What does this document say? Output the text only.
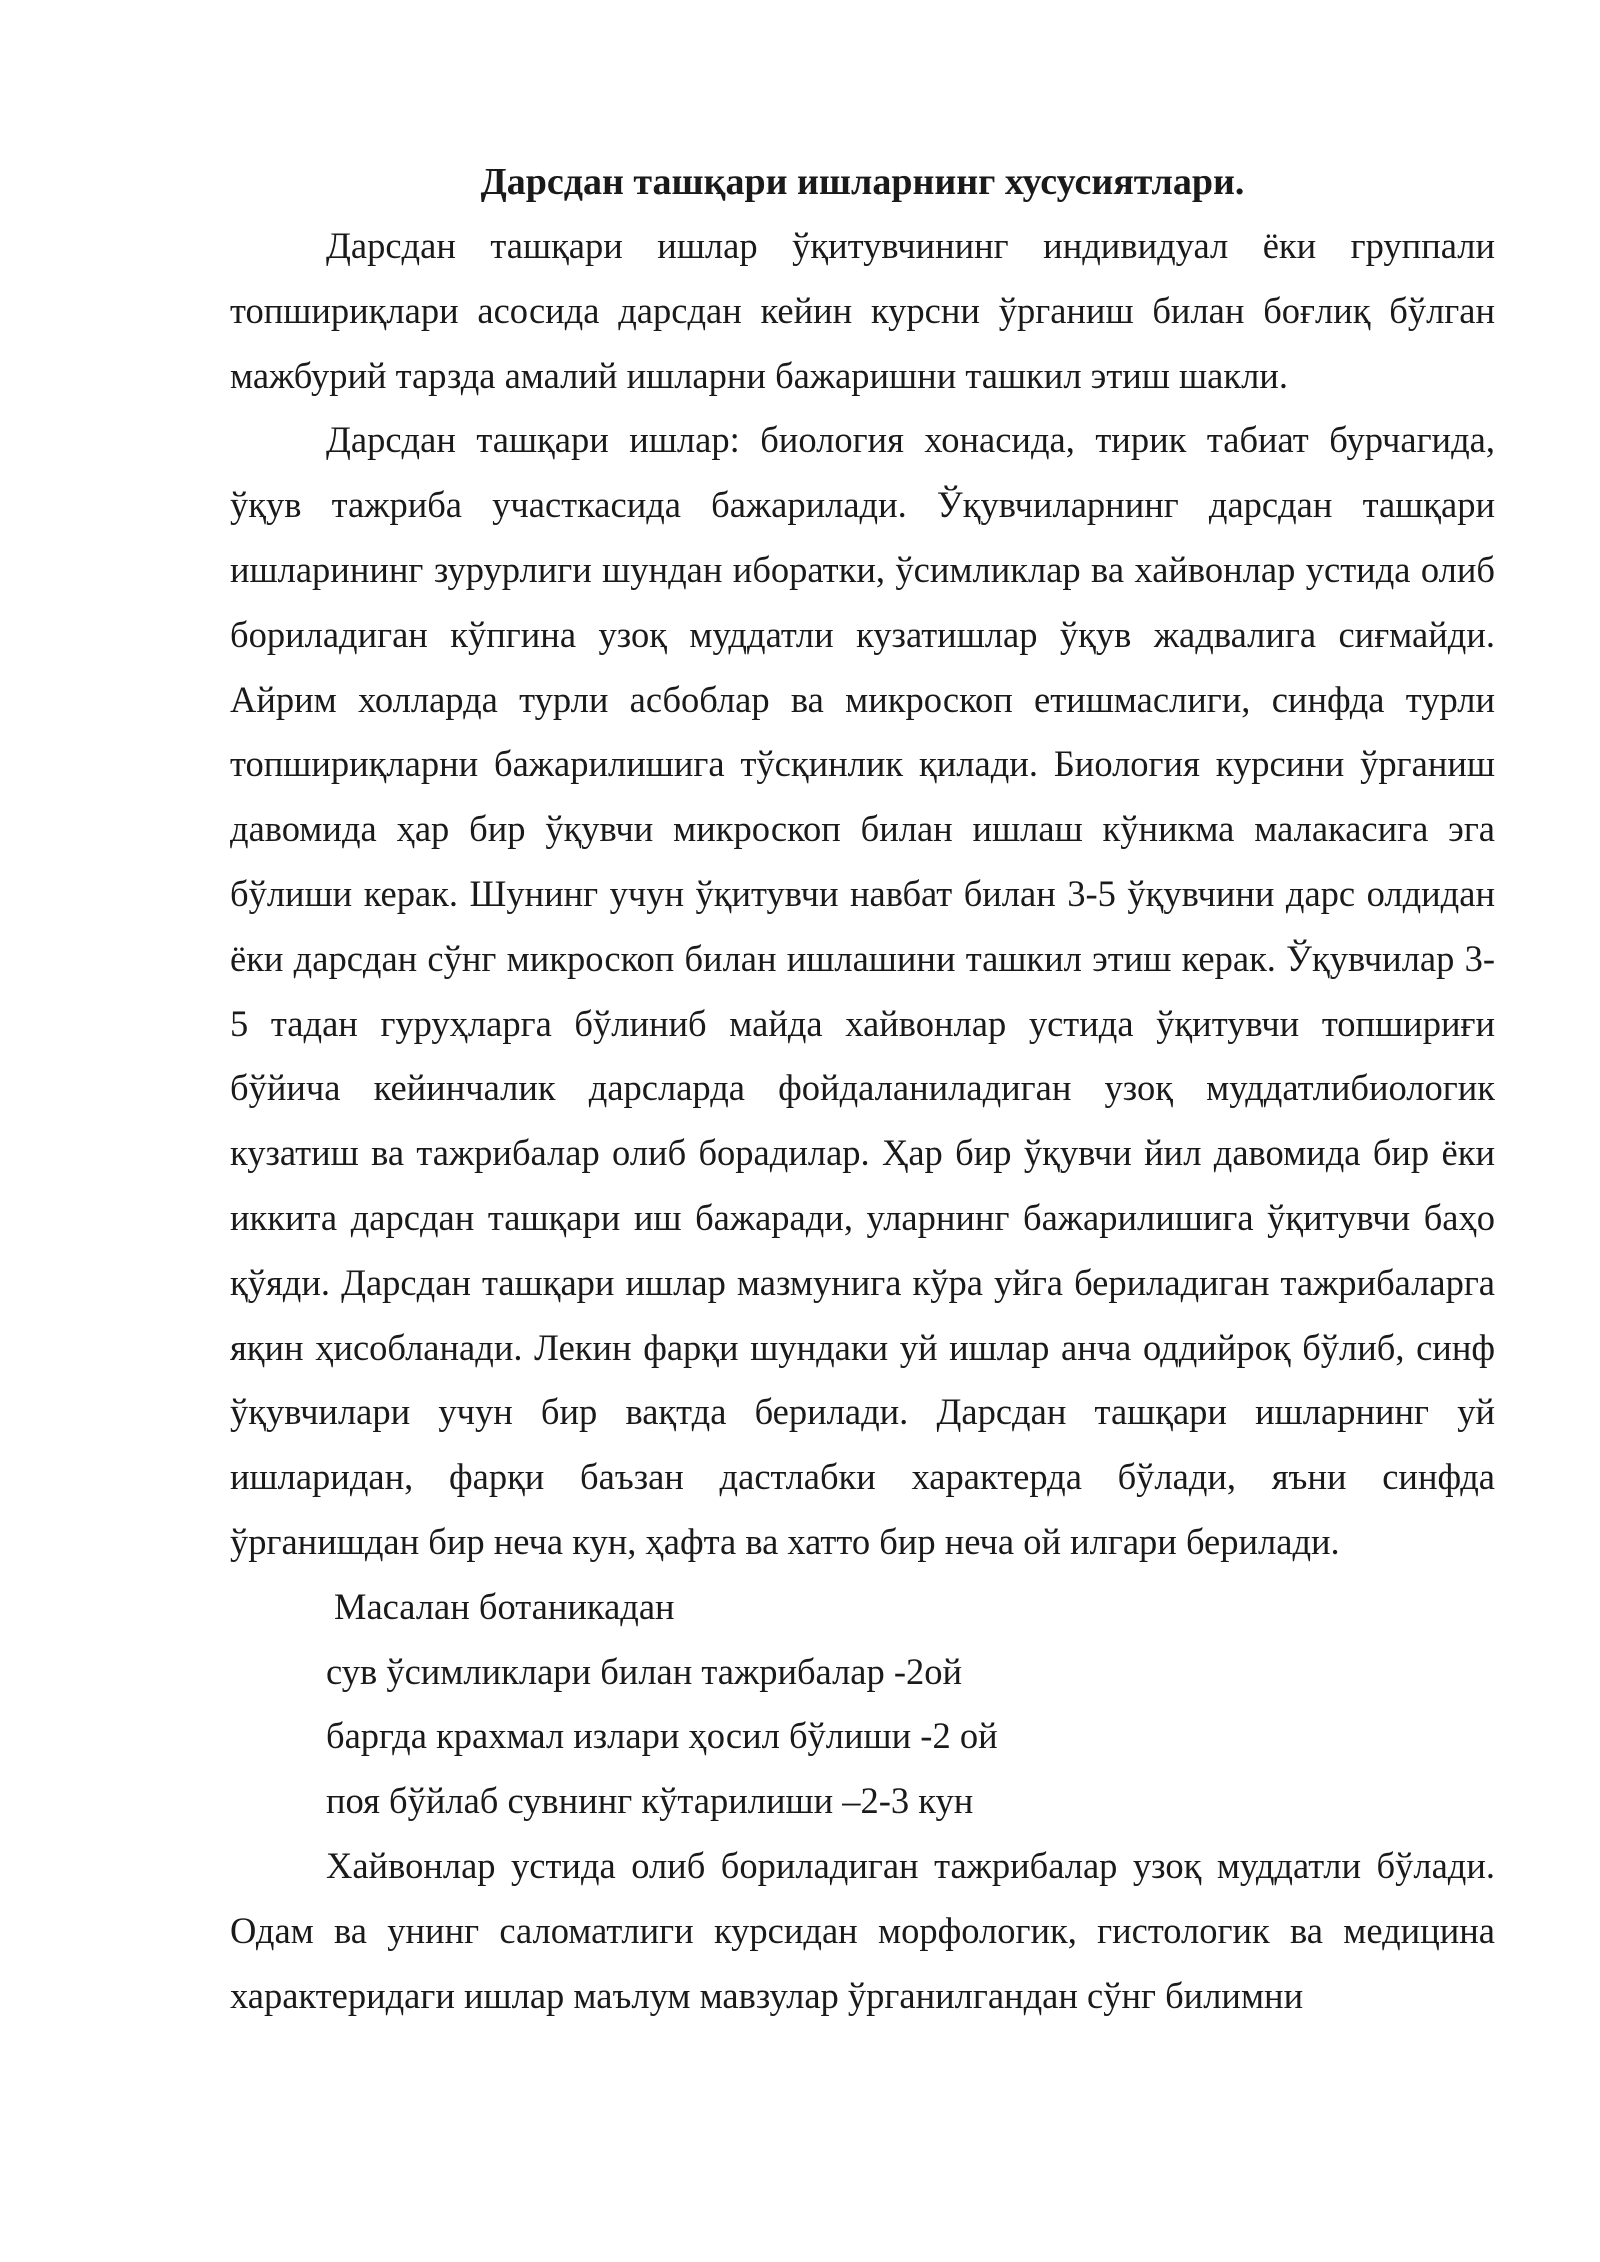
Дарсдан ташқари ишларнинг хусусиятлари.

Дарсдан ташқари ишлар ўқитувчининг индивидуал ёки группали топшириқлари асосида дарсдан кейин курсни ўрганиш билан боғлиқ бўлган мажбурий тарзда амалий ишларни бажаришни ташкил этиш шакли.

Дарсдан ташқари ишлар: биология хонасида, тирик табиат бурчагида, ўқув тажриба участкасида бажарилади. Ўқувчиларнинг дарсдан ташқари ишларининг зурурлиги шундан иборатки, ўсимликлар ва хайвонлар устида олиб бориладиган кўпгина узоқ муддатли кузатишлар ўқув жадвалига сиғмайди. Айрим холларда турли асбоблар ва микроскоп етишмаслиги, синфда турли топшириқларни бажарилишига тўсқинлик қилади. Биология курсини ўрганиш давомида ҳар бир ўқувчи микроскоп билан ишлаш кўникма малакасига эга бўлиши керак. Шунинг учун ўқитувчи навбат билан 3-5 ўқувчини дарс олдидан ёки дарсдан сўнг микроскоп билан ишлашини ташкил этиш керак. Ўқувчилар 3-5 тадан гуруҳларга бўлиниб майда хайвонлар устида ўқитувчи топшириғи бўйича кейинчалик дарсларда фойдаланиладиган узоқ муддатлибиологик кузатиш ва тажрибалар олиб борадилар. Ҳар бир ўқувчи йил давомида бир ёки иккита дарсдан ташқари иш бажаради, уларнинг бажарилишига ўқитувчи баҳо қўяди. Дарсдан ташқари ишлар мазмунига кўра уйга бериладиган тажрибаларга яқин ҳисобланади. Лекин фарқи шундаки уй ишлар анча оддийроқ бўлиб, синф ўқувчилари учун бир вақтда берилади. Дарсдан ташқари ишларнинг уй ишларидан, фарқи баъзан дастлабки характерда бўлади, яъни синфда ўрганишдан бир неча кун, ҳафта ва хатто бир неча ой илгари берилади.

Масалан ботаникадан

сув ўсимликлари билан тажрибалар -2ой

баргда крахмал излари ҳосил бўлиши -2 ой

поя бўйлаб сувнинг кўтарилиши –2-3 кун

Хайвонлар устида олиб бориладиган тажрибалар узоқ муддатли бўлади. Одам ва унинг саломатлиги курсидан морфологик, гистологик ва медицина характеридаги ишлар маълум мавзулар ўрганилгандан сўнг билимни
